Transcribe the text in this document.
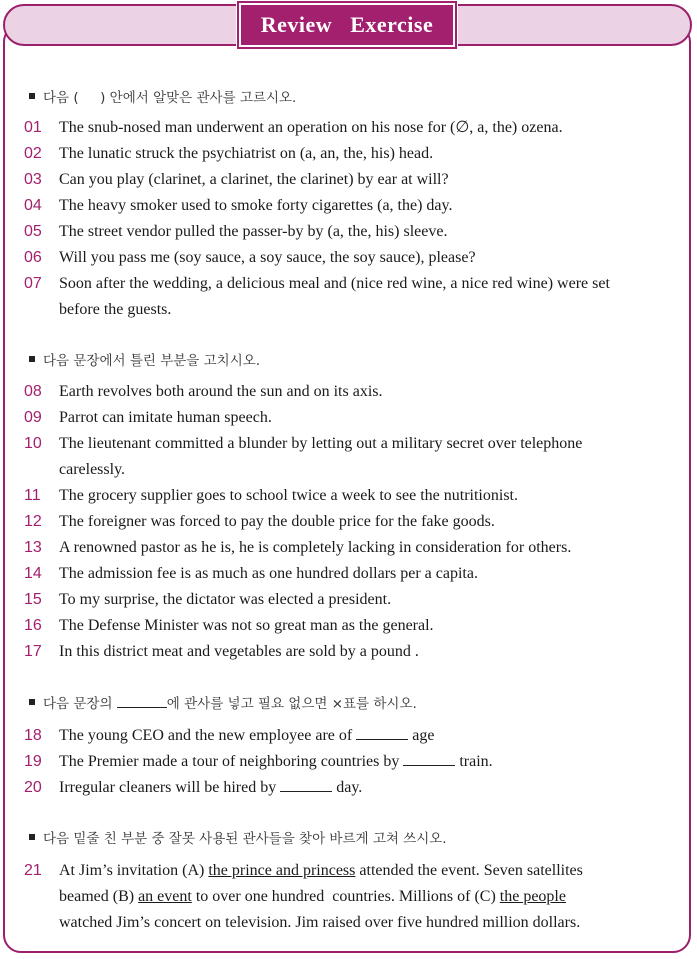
Review   Exercise
다음 (     ) 안에서 알맞은 관사를 고르시오.
01	The snub-nosed man underwent an operation on his nose for (∅, a, the) ozena.
02	The lunatic struck the psychiatrist on (a, an, the, his) head.
03	Can you play (clarinet, a clarinet, the clarinet) by ear at will?
04	The heavy smoker used to smoke forty cigarettes (a, the) day.
05	The street vendor pulled the passer-by by (a, the, his) sleeve.
06	Will you pass me (soy sauce, a soy sauce, the soy sauce), please?
07	Soon after the wedding, a delicious meal and (nice red wine, a nice red wine) were set
before the guests.
다음 문장에서 틀린 부분을 고치시오.
08	Earth revolves both around the sun and on its axis.
09	Parrot can imitate human speech.
10	The lieutenant committed a blunder by letting out a military secret over telephone
carelessly.
11	The grocery supplier goes to school twice a week to see the nutritionist.
12	The foreigner was forced to pay the double price for the fake goods.
13	A renowned pastor as he is, he is completely lacking in consideration for others.
14	The admission fee is as much as one hundred dollars per a capita.
15	To my surprise, the dictator was elected a president.
16	The Defense Minister was not so great man as the general.
17	In this district meat and vegetables are sold by a pound .
다음 문장의	에 관사를 넣고 필요 없으면 ×표를 하시오.
18	The young CEO and the new employee are of	age
19	The Premier made a tour of neighboring countries by	train.
20	Irregular cleaners will be hired by	day.
다음 밑줄 친 부분 중 잘못 사용된 관사들을 찾아 바르게 고쳐 쓰시오.
21	At Jim’s invitation (A) the prince and princess attended the event. Seven satellites
beamed (B) an event to over one hundred  countries. Millions of (C) the people
watched Jim’s concert on television. Jim raised over five hundred million dollars.
